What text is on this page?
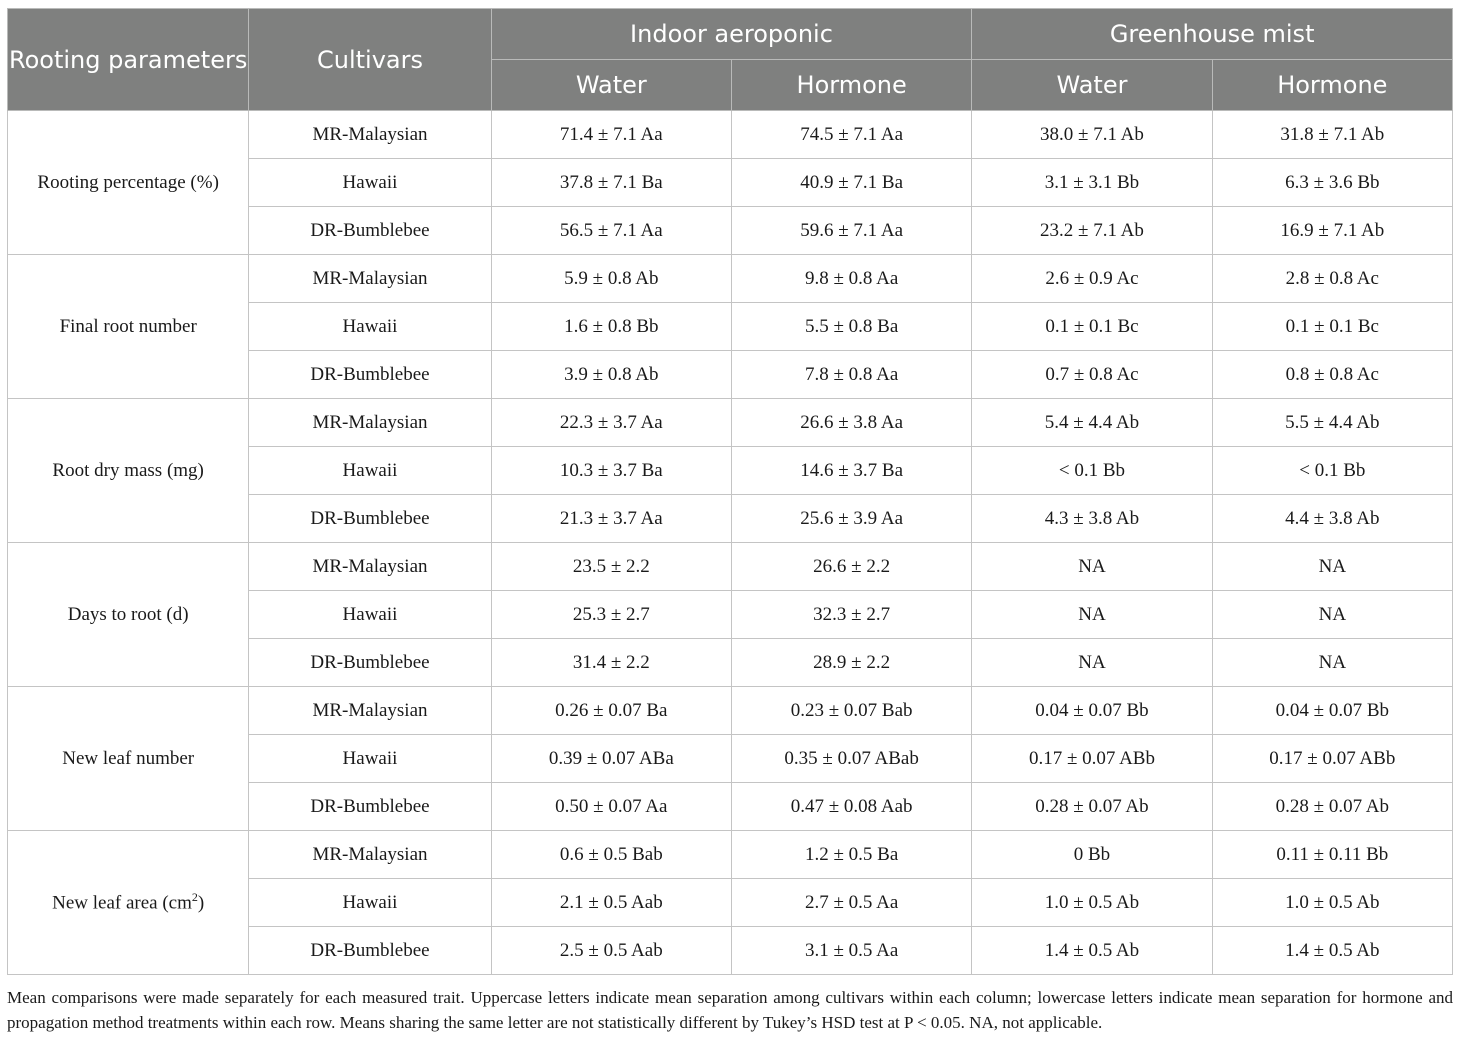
Rooting parameters	Cultivars	Indoor aeroponic		Greenhouse mist	
		Water	Hormone	Water	Hormone
Rooting percentage (%)	MR-Malaysian	71.4 ± 7.1 Aa	74.5 ± 7.1 Aa	38.0 ± 7.1 Ab	31.8 ± 7.1 Ab
	Hawaii	37.8 ± 7.1 Ba	40.9 ± 7.1 Ba	3.1 ± 3.1 Bb	6.3 ± 3.6 Bb
	DR-Bumblebee	56.5 ± 7.1 Aa	59.6 ± 7.1 Aa	23.2 ± 7.1 Ab	16.9 ± 7.1 Ab
Final root number	MR-Malaysian	5.9 ± 0.8 Ab	9.8 ± 0.8 Aa	2.6 ± 0.9 Ac	2.8 ± 0.8 Ac
	Hawaii	1.6 ± 0.8 Bb	5.5 ± 0.8 Ba	0.1 ± 0.1 Bc	0.1 ± 0.1 Bc
	DR-Bumblebee	3.9 ± 0.8 Ab	7.8 ± 0.8 Aa	0.7 ± 0.8 Ac	0.8 ± 0.8 Ac
Root dry mass (mg)	MR-Malaysian	22.3 ± 3.7 Aa	26.6 ± 3.8 Aa	5.4 ± 4.4 Ab	5.5 ± 4.4 Ab
	Hawaii	10.3 ± 3.7 Ba	14.6 ± 3.7 Ba	< 0.1 Bb	< 0.1 Bb
	DR-Bumblebee	21.3 ± 3.7 Aa	25.6 ± 3.9 Aa	4.3 ± 3.8 Ab	4.4 ± 3.8 Ab
Days to root (d)	MR-Malaysian	23.5 ± 2.2	26.6 ± 2.2	NA	NA
	Hawaii	25.3 ± 2.7	32.3 ± 2.7	NA	NA
	DR-Bumblebee	31.4 ± 2.2	28.9 ± 2.2	NA	NA
New leaf number	MR-Malaysian	0.26 ± 0.07 Ba	0.23 ± 0.07 Bab	0.04 ± 0.07 Bb	0.04 ± 0.07 Bb
	Hawaii	0.39 ± 0.07 ABa	0.35 ± 0.07 ABab	0.17 ± 0.07 ABb	0.17 ± 0.07 ABb
	DR-Bumblebee	0.50 ± 0.07 Aa	0.47 ± 0.08 Aab	0.28 ± 0.07 Ab	0.28 ± 0.07 Ab
New leaf area $(cm^2)$	MR-Malaysian	0.6 ± 0.5 Bab	1.2 ± 0.5 Ba	0 Bb	0.11 ± 0.11 Bb
	Hawaii	2.1 ± 0.5 Aab	2.7 ± 0.5 Aa	1.0 ± 0.5 Ab	1.0 ± 0.5 Ab
	DR-Bumblebee	2.5 ± 0.5 Aab	3.1 ± 0.5 Aa	1.4 ± 0.5 Ab	1.4 ± 0.5 Ab
Mean comparisons were made separately for each measured trait. Uppercase letters indicate mean separation among cultivars within each column; lowercase letters indicate mean separation for hormone and propagation method treatments within each row. Means sharing the same letter are not statistically different by Tukey’s HSD test at P < 0.05. NA, not applicable.
